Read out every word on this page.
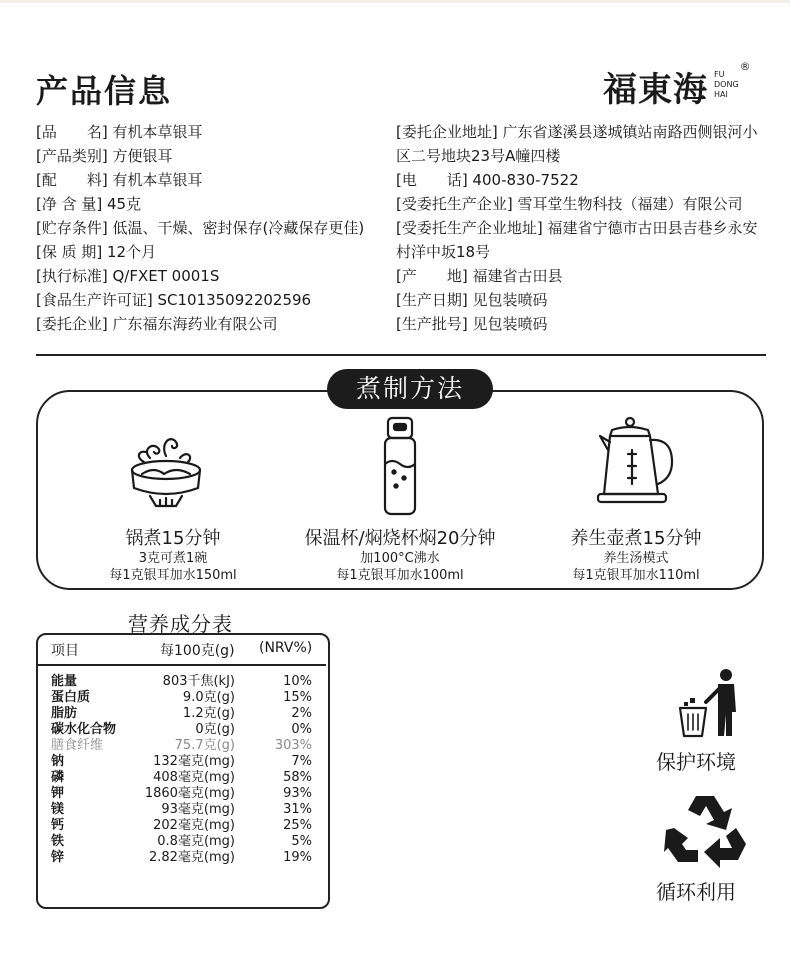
产品信息	福東海 FU
DONG
HAI
®
[品　　名] 有机本草银耳
[产品类别] 方便银耳
[配　　料] 有机本草银耳
[净 含 量] 45克
[贮存条件] 低温、干燥、密封保存(冷藏保存更佳)
[保 质 期] 12个月
[执行标准] Q/FXET 0001S
[食品生产许可证] SC10135092202596
[委托企业] 广东福东海药业有限公司
[委托企业地址] 广东省遂溪县遂城镇站南路西侧银河小区二号地块23号A幢四楼
[电　　话] 400-830-7522
[受委托生产企业] 雪耳堂生物科技（福建）有限公司
[受委托生产企业地址] 福建省宁德市古田县吉巷乡永安村洋中坂18号
[产　　地] 福建省古田县
[生产日期] 见包装喷码
[生产批号] 见包装喷码
煮制方法
锅煮15分钟
3克可煮1碗
每1克银耳加水150ml
保温杯/焖烧杯焖20分钟
加100°C沸水
每1克银耳加水100ml
养生壶煮15分钟
养生汤模式
每1克银耳加水110ml
营养成分表
项目	每100克(g) (NRV%)
能量	803千焦(kJ)	10%
蛋白质	9.0克(g)	15%
脂肪	1.2克(g)	2%
碳水化合物	0克(g)	0%
膳食纤维	75.7克(g)	303%
钠	132毫克(mg)	7%
磷	408毫克(mg)	58%
钾	1860毫克(mg)	93%
镁	93毫克(mg)	31%
钙	202毫克(mg)	25%
铁	0.8毫克(mg)	5%
锌	2.82毫克(mg)	19%
保护环境
循环利用
